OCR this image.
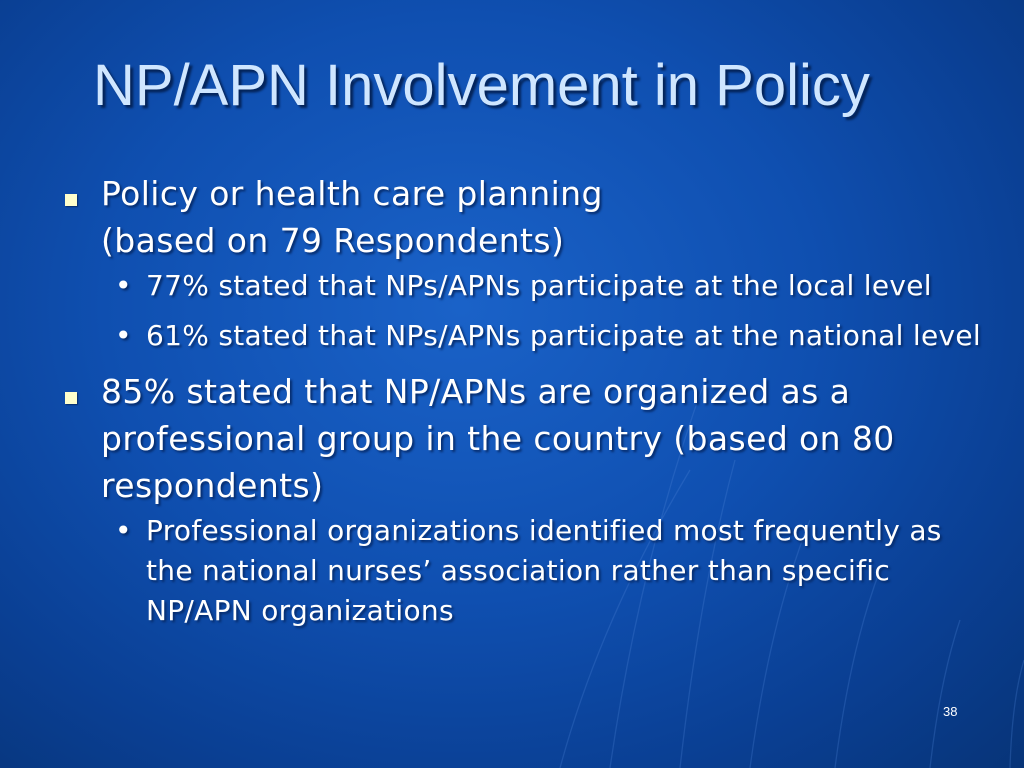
NP/APN Involvement in Policy
Policy or health care planning
(based on 79 Respondents)
• 77% stated that NPs/APNs participate at the local level
• 61% stated that NPs/APNs participate at the national level
85% stated that NP/APNs are organized as a professional group in the country (based on 80 respondents)
• Professional organizations identified most frequently as the national nurses’ association rather than specific NP/APN organizations
38
